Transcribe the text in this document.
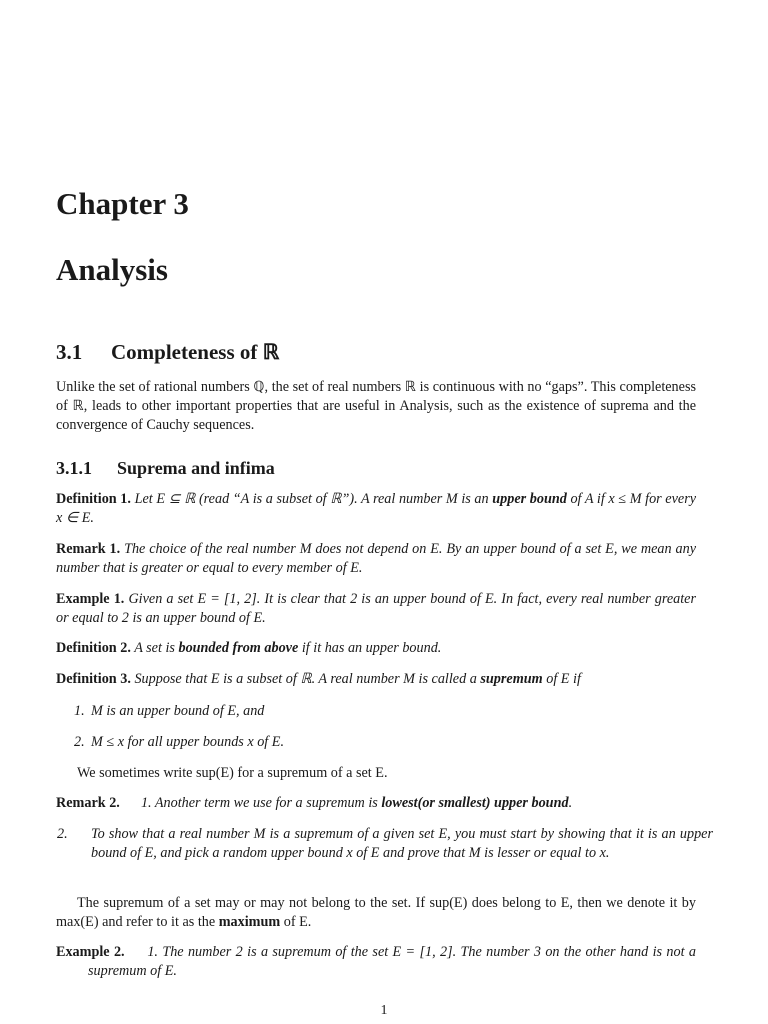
Chapter 3
Analysis
3.1 Completeness of ℝ

Unlike the set of rational numbers ℚ, the set of real numbers ℝ is continuous with no “gaps”. This completeness of ℝ, leads to other important properties that are useful in Analysis, such as the existence of suprema and the convergence of Cauchy sequences.

3.1.1 Suprema and infima

Definition 1. Let E ⊆ ℝ (read “A is a subset of ℝ”). A real number M is an upper bound of A if x ≤ M for every x ∈ E.

Remark 1. The choice of the real number M does not depend on E. By an upper bound of a set E, we mean any number that is greater or equal to every member of E.

Example 1. Given a set E = [1, 2]. It is clear that 2 is an upper bound of E. In fact, every real number greater or equal to 2 is an upper bound of E.

Definition 2. A set is bounded from above if it has an upper bound.

Definition 3. Suppose that E is a subset of ℝ. A real number M is called a supremum of E if

1. M is an upper bound of E, and

2. M ≤ x for all upper bounds x of E.

We sometimes write sup(E) for a supremum of a set E.

Remark 2. 1. Another term we use for a supremum is lowest(or smallest) upper bound.

2. To show that a real number M is a supremum of a given set E, you must start by showing that it is an upper bound of E, and pick a random upper bound x of E and prove that M is lesser or equal to x.

The supremum of a set may or may not belong to the set. If sup(E) does belong to E, then we denote it by max(E) and refer to it as the maximum of E.

Example 2. 1. The number 2 is a supremum of the set E = [1, 2]. The number 3 on the other hand is not a supremum of E.

1
